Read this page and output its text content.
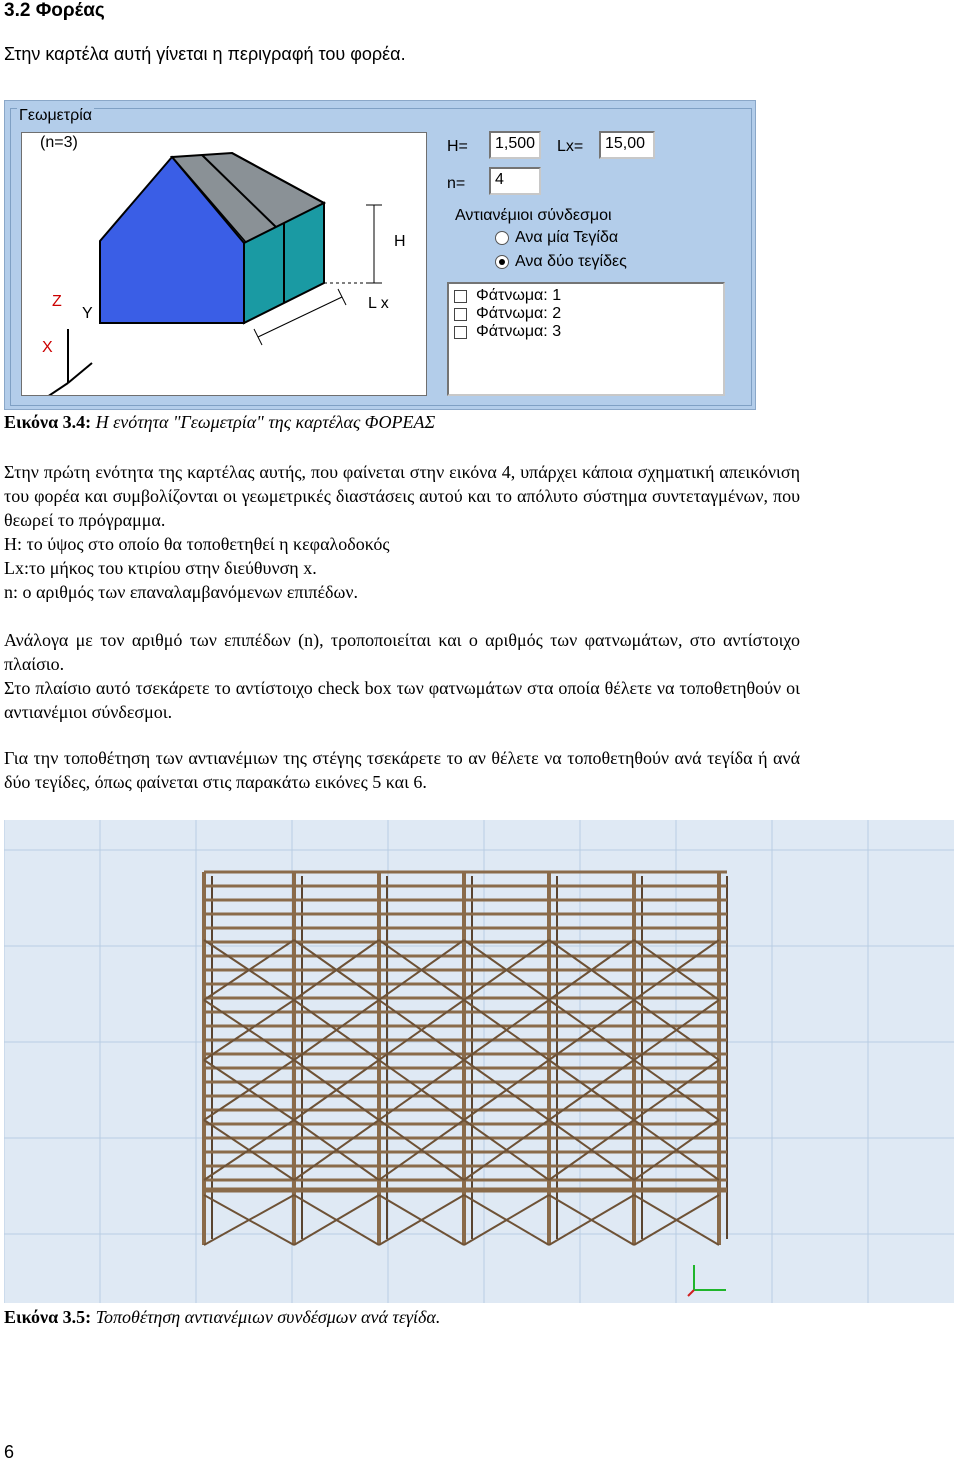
3.2 Φορέας
Στην καρτέλα αυτή γίνεται η περιγραφή του φορέα.
Γεωμετρία
(n=3)
H
L x
Z
Y
X
H=	1,500	Lx=	15,00
n=	4
Αντιανέμιοι σύνδεσμοι
Ανα μία Τεγίδα
Ανα δύο τεγίδες
Φάτνωμα: 1
Φάτνωμα: 2
Φάτνωμα: 3
Εικόνα 3.4: Η ενότητα "Γεωμετρία" της καρτέλας ΦΟΡΕΑΣ
Στην πρώτη ενότητα της καρτέλας αυτής, που φαίνεται στην εικόνα 4, υπάρχει κάποια σχηματική απεικόνιση του φορέα και συμβολίζονται οι γεωμετρικές διαστάσεις αυτού και το απόλυτο σύστημα συντεταγμένων, που θεωρεί το πρόγραμμα.
H: το ύψος στο οποίο θα τοποθετηθεί η κεφαλοδοκός
Lx:το μήκος του κτιρίου στην διεύθυνση x.
n: ο αριθμός των επαναλαμβανόμενων επιπέδων.
Ανάλογα με τον αριθμό των επιπέδων (n), τροποποιείται και ο αριθμός των φατνωμάτων, στο αντίστοιχο πλαίσιο.
Στο πλαίσιο αυτό τσεκάρετε το αντίστοιχο check box των φατνωμάτων στα οποία θέλετε να τοποθετηθούν οι αντιανέμιοι σύνδεσμοι.
Για την τοποθέτηση των αντιανέμιων της στέγης τσεκάρετε το αν θέλετε να τοποθετηθούν ανά τεγίδα ή ανά δύο τεγίδες, όπως φαίνεται στις παρακάτω εικόνες 5 και 6.
Εικόνα 3.5: Τοποθέτηση αντιανέμιων συνδέσμων ανά τεγίδα.
6
